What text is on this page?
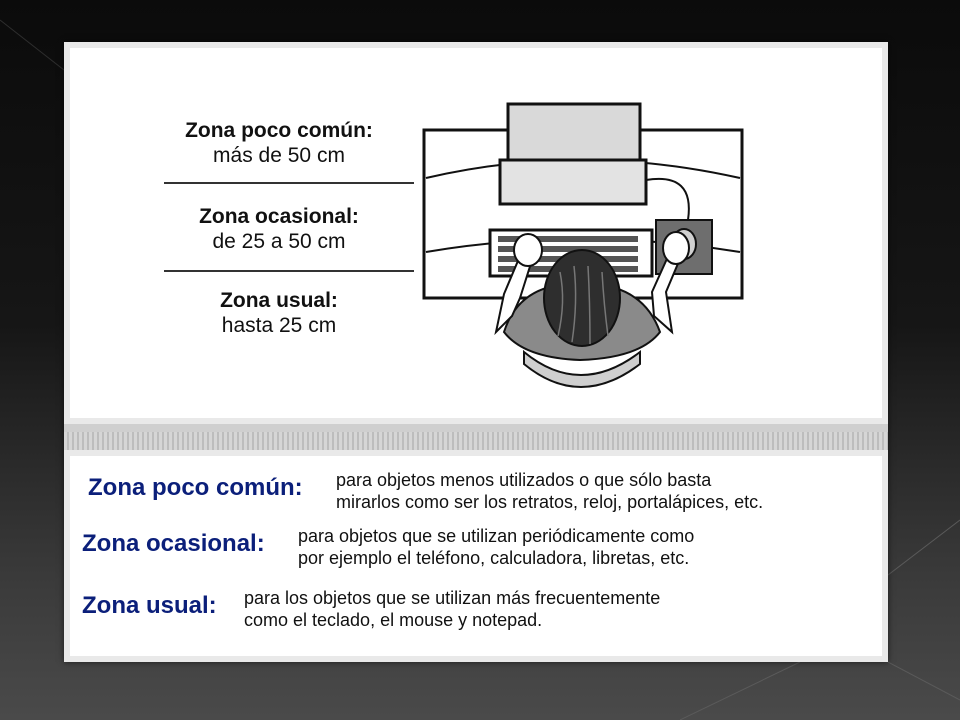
Zona poco común:
más de 50 cm
Zona ocasional:
de 25 a 50 cm
Zona usual:
hasta 25 cm
Zona poco común: para objetos menos utilizados o que sólo basta
mirarlos como ser los retratos, reloj, portalápices, etc.
Zona ocasional: para objetos que se utilizan periódicamente como
por ejemplo el teléfono, calculadora, libretas, etc.
Zona usual: para los objetos que se utilizan más frecuentemente
como el teclado, el mouse y notepad.
